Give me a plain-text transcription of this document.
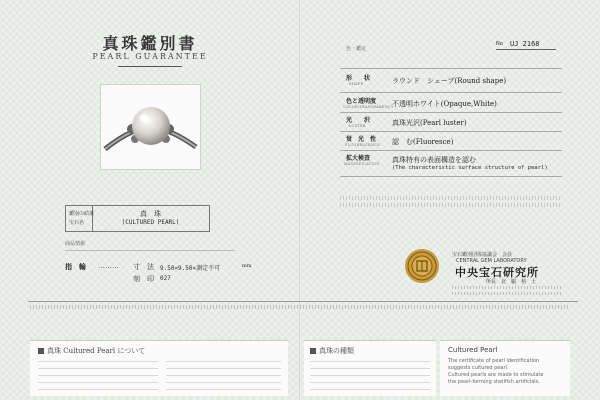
真珠鑑別書
PEARL GUARANTEE
鑑別の結果
宝石名
真　珠
(CULTURED PEARL)
商品情報
指　輪 ……… 寸　法 9.50×9.50×測定不可	mm
刻　印 027
色・鑑定
No UJ 2168
形　　状
SHAPE	ラウンド　シェープ(Round shape)
色と透明度
COLOR/TRANSPARENCY
不透明ホワイト(Opaque,White)
光　　沢
LUSTER	真珠光沢(Pearl luster)
蛍　光　性
FLUORESCENCE 認　む(Fluoresce)
拡大検査
MAGNIFICATION 真珠特有の表面構造を認む
(The characteristic surface structure of pearl)
宝石鑑別団体協議会　会員
CENTRAL GEM LABORATORY
中央宝石研究所
所長　北　脇　裕　士
真珠 Cultured Pearl について	真珠の種類	Cultured Pearl
The certificate of pearl identification
suggests cultured pearl.
Cultured pearls are made to stimulate
the pearl-forming shellfish artificials.
